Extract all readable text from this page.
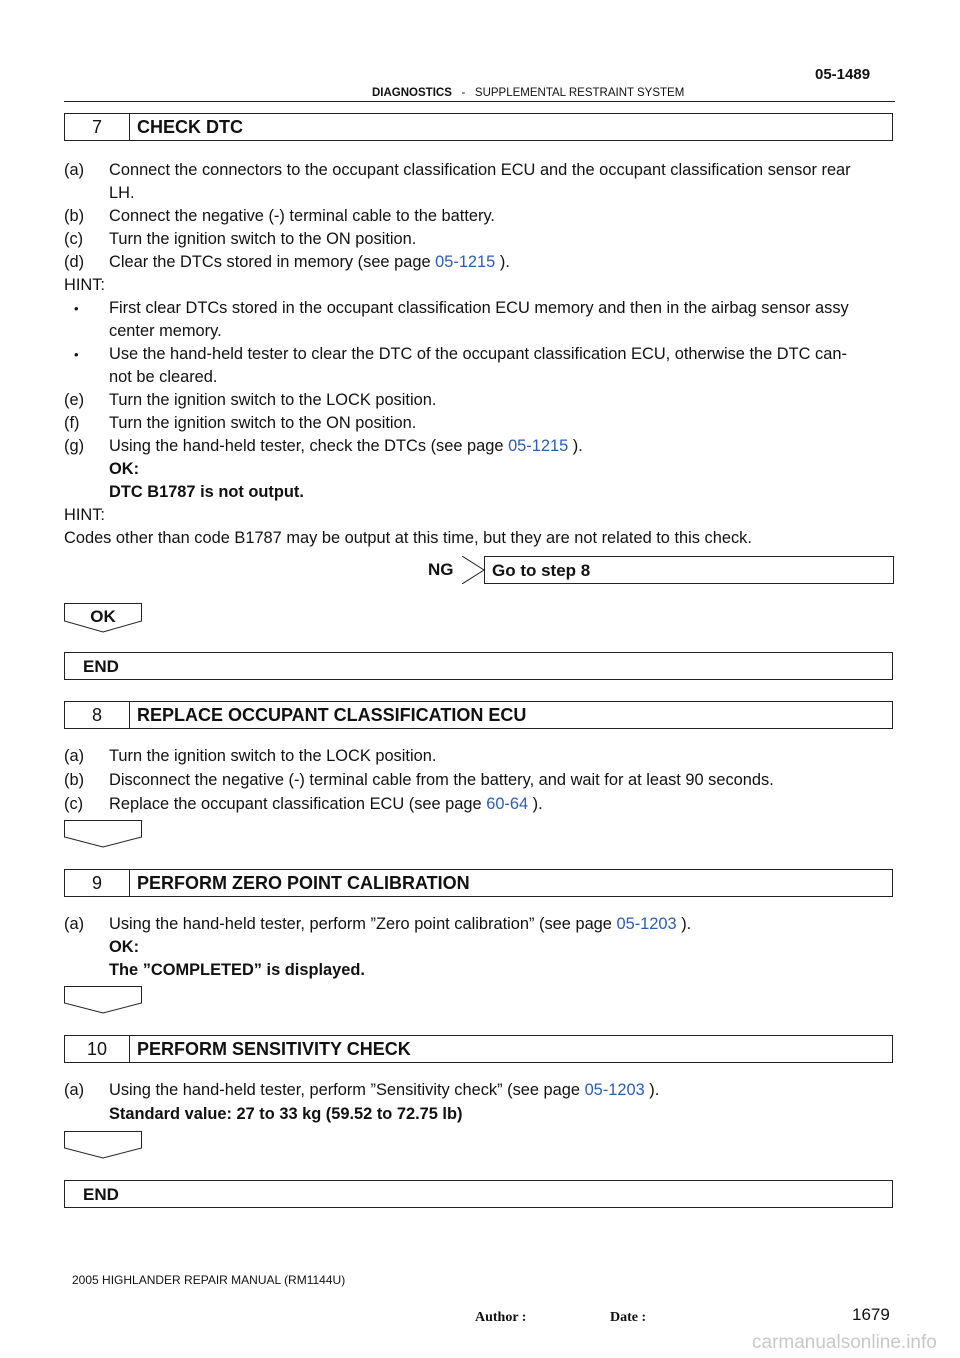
05-1489
DIAGNOSTICS - SUPPLEMENTAL RESTRAINT SYSTEM
7	CHECK DTC
(a) Connect the connectors to the occupant classification ECU and the occupant classification sensor rear
LH.
(b) Connect the negative (-) terminal cable to the battery.
(c) Turn the ignition switch to the ON position.
(d) Clear the DTCs stored in memory (see page 05-1215 ).
HINT:
• First clear DTCs stored in the occupant classification ECU memory and then in the airbag sensor assy
center memory.
• Use the hand-held tester to clear the DTC of the occupant classification ECU, otherwise the DTC can-
not be cleared.
(e) Turn the ignition switch to the LOCK position.
(f) Turn the ignition switch to the ON position.
(g) Using the hand-held tester, check the DTCs (see page 05-1215 ).
OK:
DTC B1787 is not output.
HINT:
Codes other than code B1787 may be output at this time, but they are not related to this check.
NG Go to step 8
OK
END
8	REPLACE OCCUPANT CLASSIFICATION ECU
(a) Turn the ignition switch to the LOCK position.
(b) Disconnect the negative (-) terminal cable from the battery, and wait for at least 90 seconds.
(c) Replace the occupant classification ECU (see page 60-64 ).
9	PERFORM ZERO POINT CALIBRATION
(a) Using the hand-held tester, perform ”Zero point calibration” (see page 05-1203 ).
OK:
The ”COMPLETED” is displayed.
10	PERFORM SENSITIVITY CHECK
(a) Using the hand-held tester, perform ”Sensitivity check” (see page 05-1203 ).
Standard value: 27 to 33 kg (59.52 to 72.75 lb)
END
2005 HIGHLANDER REPAIR MANUAL (RM1144U)
Author :	Date :	1679
carmanualsonline.info
